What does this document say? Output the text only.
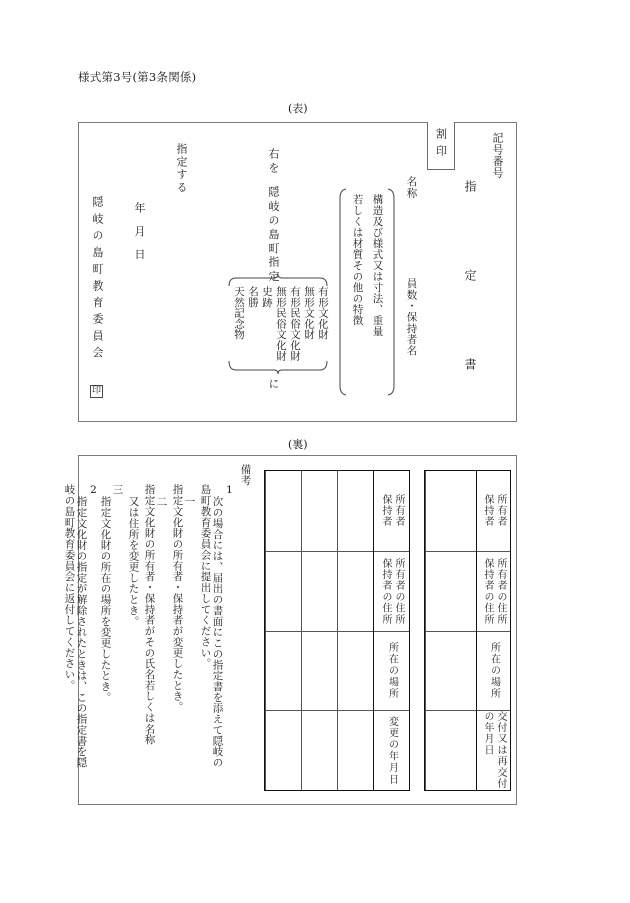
様式第3号(第3条関係)
(表)
割印	記号番号
指
定
書
名称
員数・保持者名
構造及び様式又は寸法、重量
若しくは材質その他の特徴
右を
隠岐の島町
指定
に
有形文化財
無形文化財
有形民俗文化財
無形民俗文化財
史跡
名勝
天然記念物
指定する
年月日
隠岐の島町教育委員会
印
(裏)
所有者
保持者
所有者の住所
保持者の住所
所在の場所
交付又は再交付
の年月日
所有者
保持者
所有者の住所
保持者の住所
所在の場所
変更の年月日
備考
1
次の場合には、届出の書面にこの指定書を添えて隠岐の
島町教育委員会に提出してください。
一
指定文化財の所有者・保持者が変更したとき。
二
指定文化財の所有者・保持者がその氏名若しくは名称
又は住所を変更したとき。
三
指定文化財の所在の場所を変更したとき。
2
指定文化財の指定が解除されたときは、この指定書を隠
岐の島町教育委員会に返付してください。
